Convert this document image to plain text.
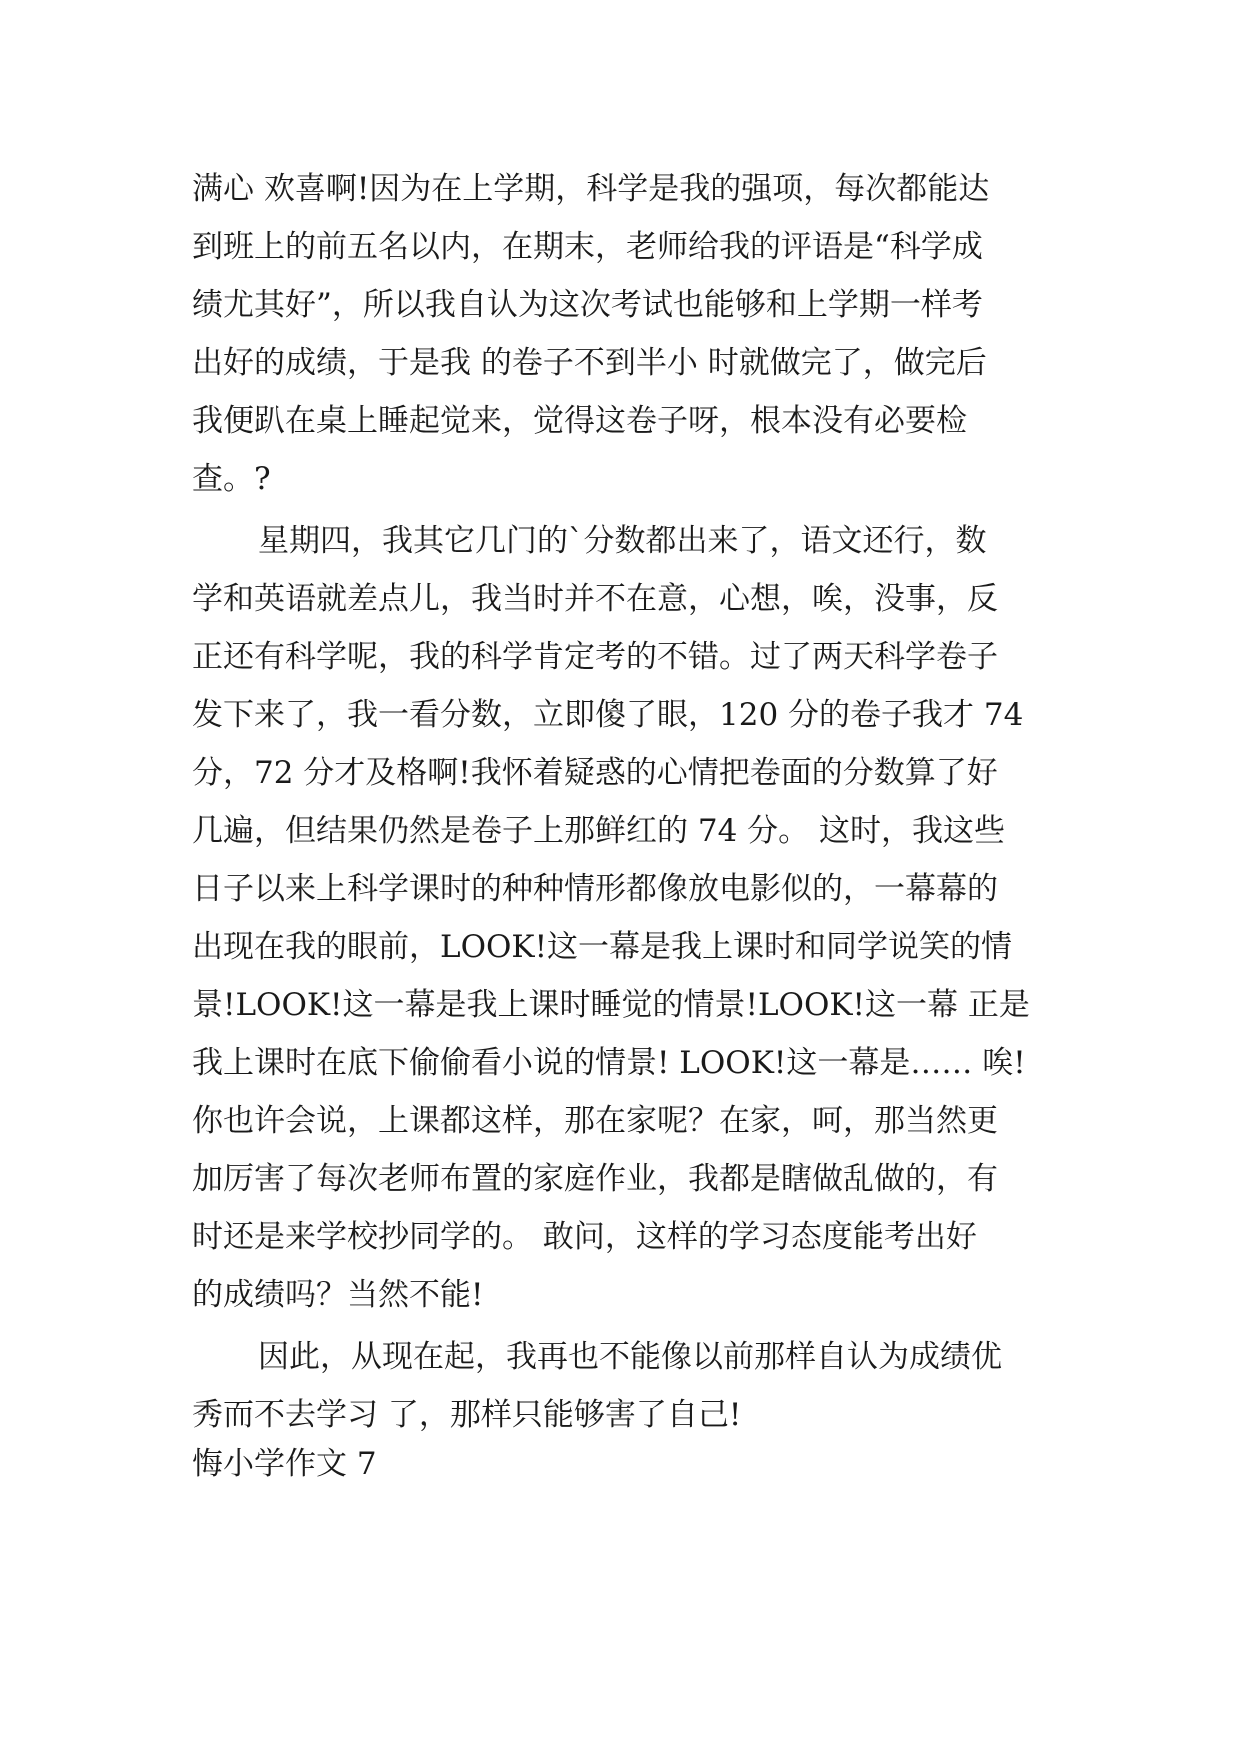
满心 欢喜啊!因为在上学期，科学是我的强项，每次都能达
到班上的前五名以内，在期末，老师给我的评语是“科学成
绩尤其好”，所以我自认为这次考试也能够和上学期一样考
出好的成绩，于是我 的卷子不到半小 时就做完了，做完后
我便趴在桌上睡起觉来，觉得这卷子呀，根本没有必要检
查。?
星期四，我其它几门的`分数都出来了，语文还行，数
学和英语就差点儿，我当时并不在意，心想，唉，没事，反
正还有科学呢，我的科学肯定考的不错。过了两天科学卷子
发下来了，我一看分数，立即傻了眼，120 分的卷子我才 74
分，72 分才及格啊!我怀着疑惑的心情把卷面的分数算了好
几遍，但结果仍然是卷子上那鲜红的 74 分。 这时，我这些
日子以来上科学课时的种种情形都像放电影似的，一幕幕的
出现在我的眼前，LOOK!这一幕是我上课时和同学说笑的情
景!LOOK!这一幕是我上课时睡觉的情景!LOOK!这一幕 正是
我上课时在底下偷偷看小说的情景! LOOK!这一幕是…… 唉!
你也许会说，上课都这样，那在家呢？在家，呵，那当然更
加厉害了每次老师布置的家庭作业，我都是瞎做乱做的，有
时还是来学校抄同学的。 敢问，这样的学习态度能考出好
的成绩吗？当然不能!
因此，从现在起，我再也不能像以前那样自认为成绩优
秀而不去学习 了，那样只能够害了自己!
悔小学作文 7
